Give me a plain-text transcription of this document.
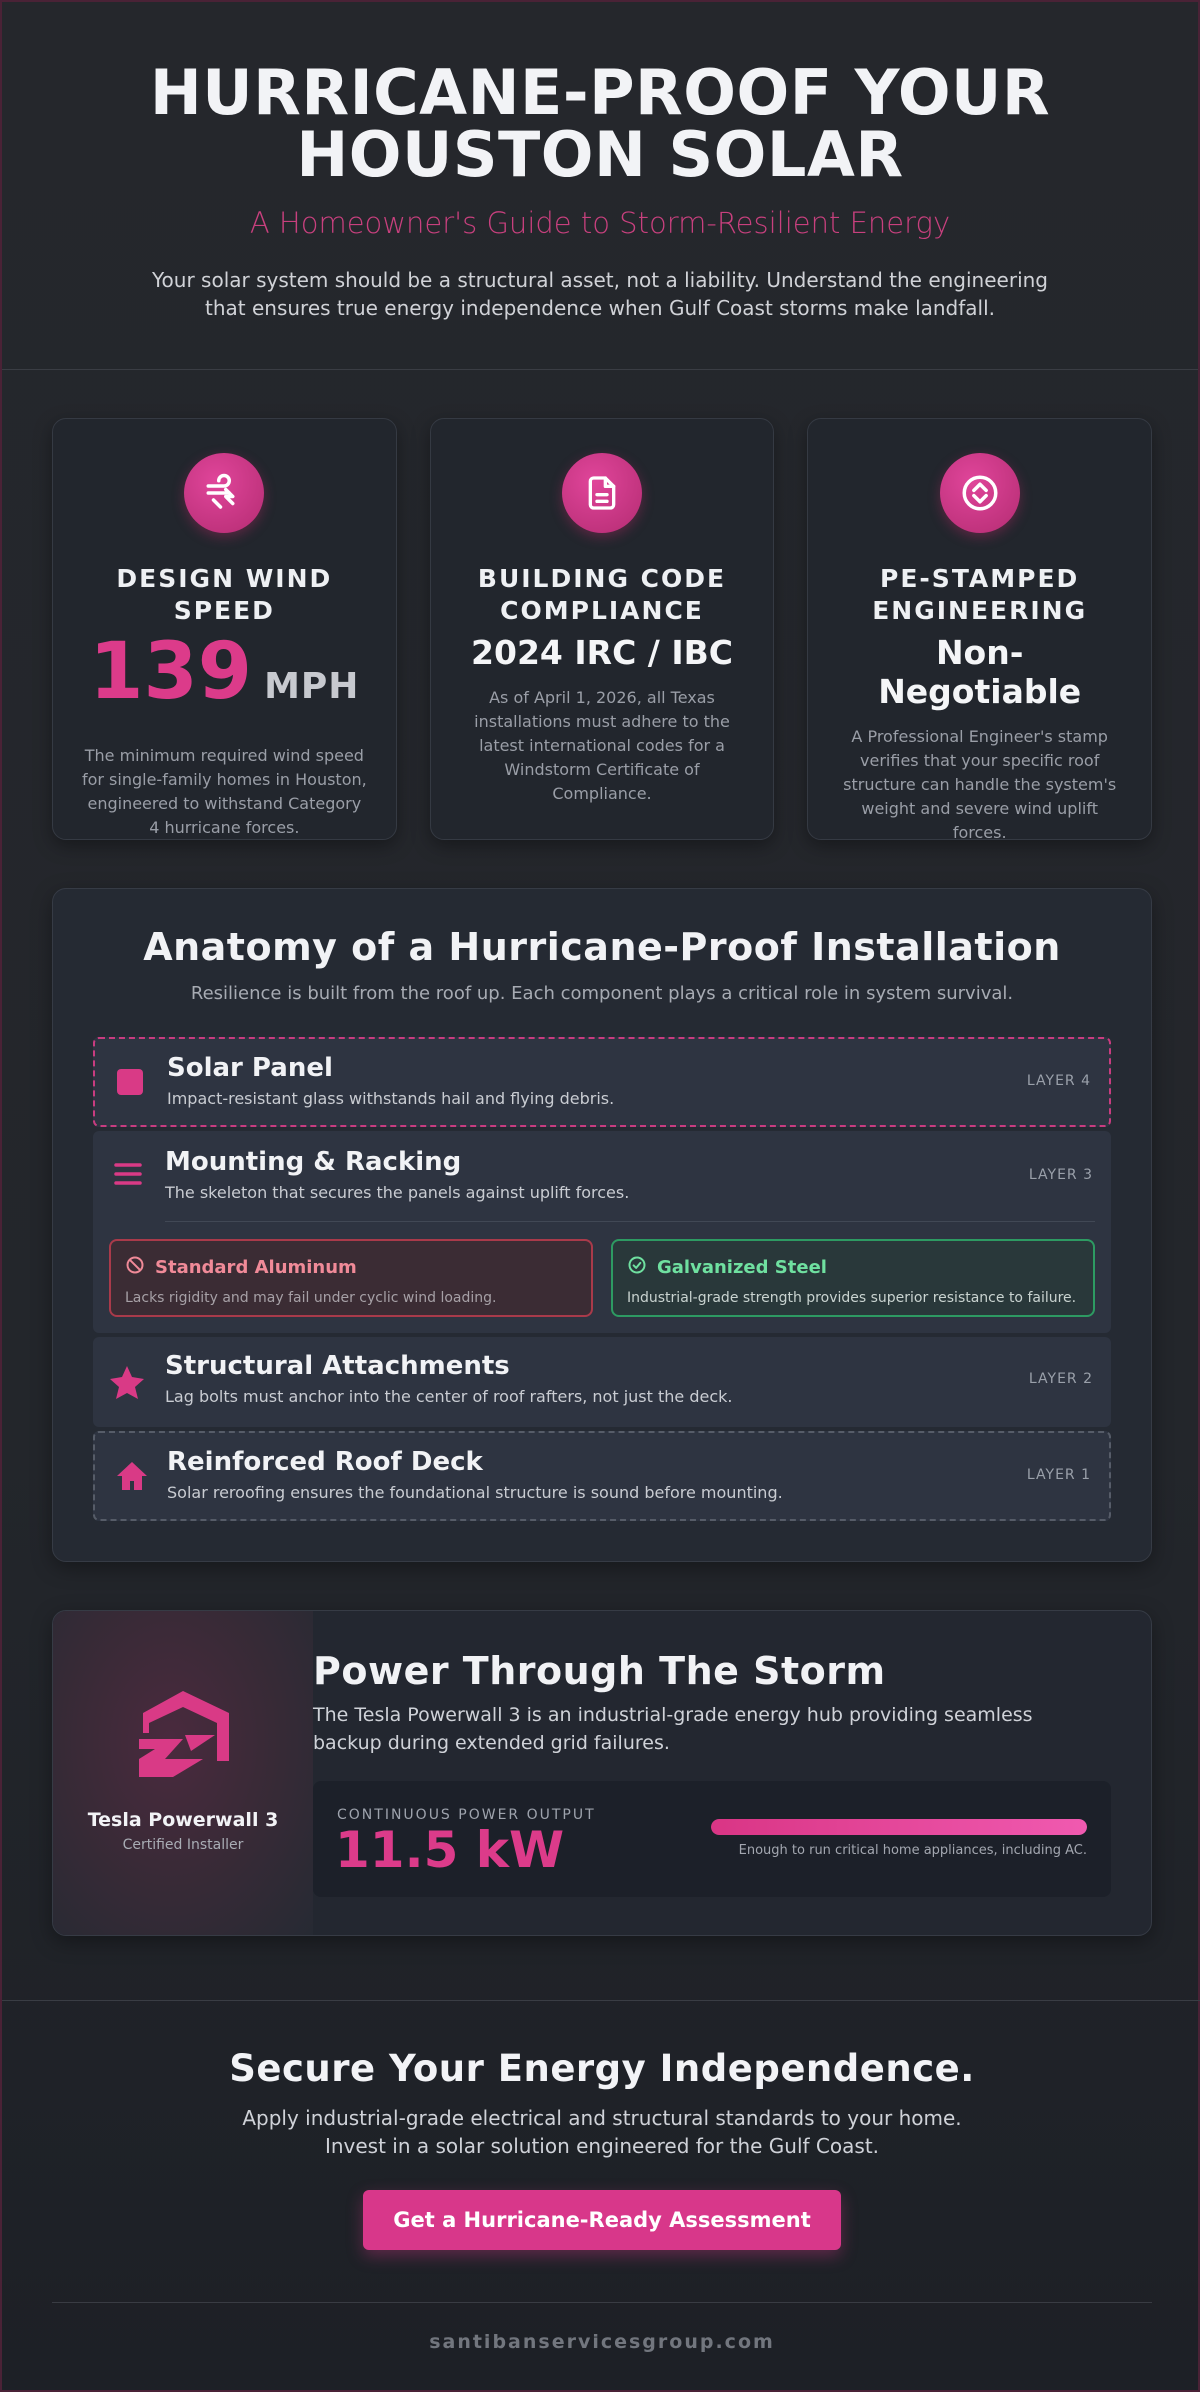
HURRICANE-PROOF YOUR
HOUSTON SOLAR
A Homeowner's Guide to Storm-Resilient Energy

Your solar system should be a structural asset, not a liability. Understand the engineering that ensures true energy independence when Gulf Coast storms make landfall.

DESIGN WIND SPEED
139 MPH

The minimum required wind speed for single-family homes in Houston, engineered to withstand Category 4 hurricane forces.

BUILDING CODE COMPLIANCE
2024 IRC / IBC

As of April 1, 2026, all Texas installations must adhere to the latest international codes for a Windstorm Certificate of Compliance.

PE-STAMPED ENGINEERING
Non-Negotiable

A Professional Engineer's stamp verifies that your specific roof structure can handle the system's weight and severe wind uplift forces.

Anatomy of a Hurricane-Proof Installation

Resilience is built from the roof up. Each component plays a critical role in system survival.

Solar Panel
Impact-resistant glass withstands hail and flying debris.
LAYER 4
Mounting & Racking
The skeleton that secures the panels against uplift forces.
LAYER 3
Standard Aluminum
Lacks rigidity and may fail under cyclic wind loading.
Galvanized Steel
Industrial-grade strength provides superior resistance to failure.
Structural Attachments
Lag bolts must anchor into the center of roof rafters, not just the deck.
LAYER 2
Reinforced Roof Deck
Solar reroofing ensures the foundational structure is sound before mounting.
LAYER 1
Tesla Powerwall 3
Certified Installer
Power Through The Storm

The Tesla Powerwall 3 is an industrial-grade energy hub providing seamless backup during extended grid failures.

CONTINUOUS POWER OUTPUT
11.5 kW	Enough to run critical home appliances, including AC.
Secure Your Energy Independence.

Apply industrial-grade electrical and structural standards to your home. Invest in a solar solution engineered for the Gulf Coast.

Get a Hurricane-Ready Assessment
santibanservicesgroup.com
